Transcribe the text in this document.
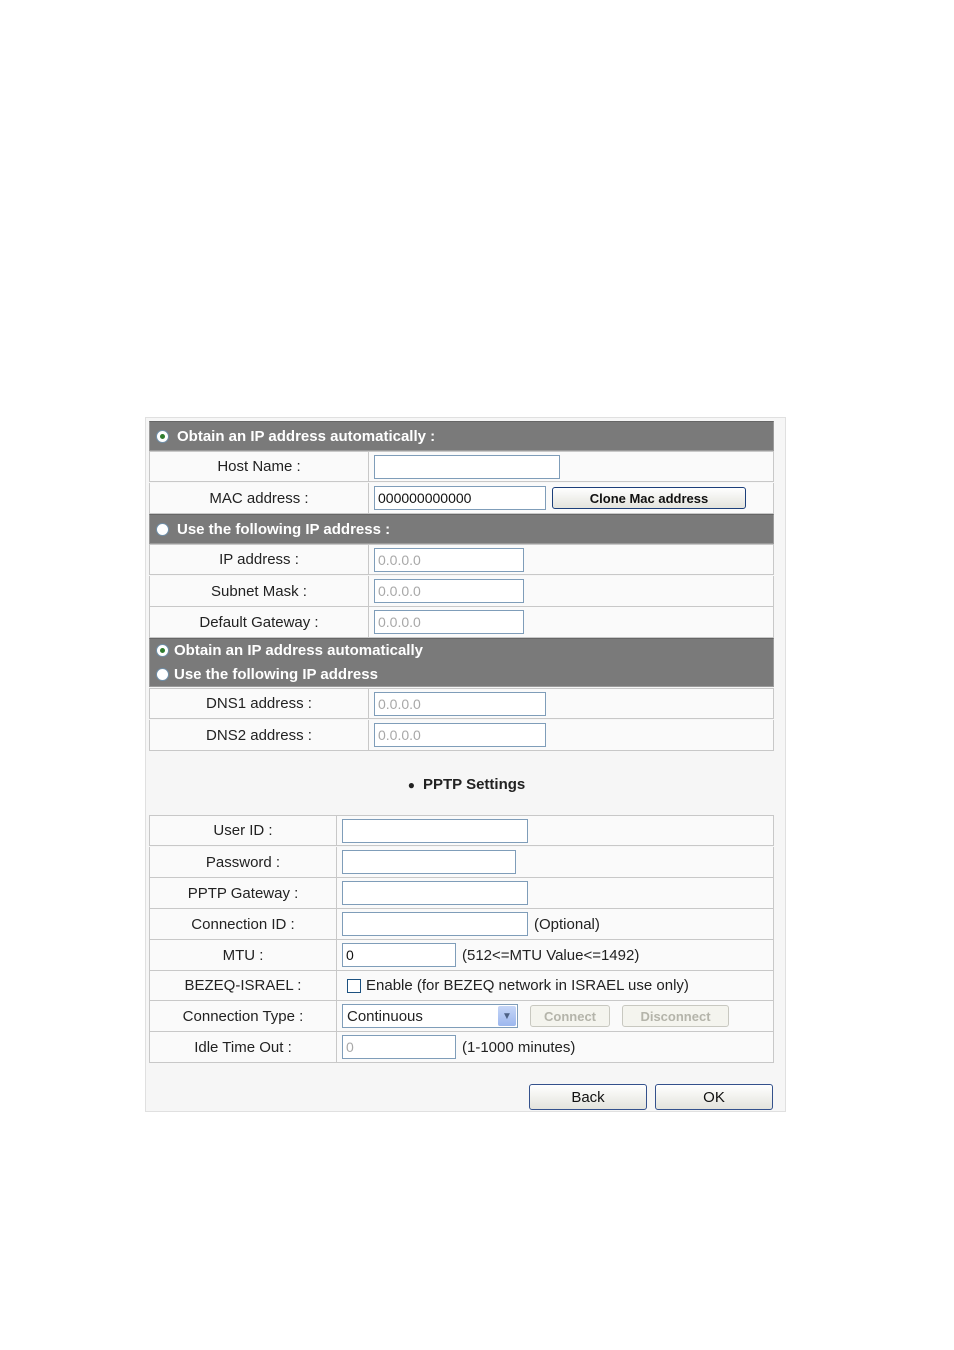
Obtain an IP address automatically :
Host Name :
MAC address :	000000000000	Clone Mac address
Use the following IP address :
IP address :	0.0.0.0
Subnet Mask :	0.0.0.0
Default Gateway :	0.0.0.0
Obtain an IP address automatically
Use the following IP address
DNS1 address :	0.0.0.0
DNS2 address :	0.0.0.0
● PPTP Settings
User ID :
Password :
PPTP Gateway :
Connection ID :	(Optional)
MTU :	0	(512<=MTU Value<=1492)
BEZEQ-ISRAEL :	Enable (for BEZEQ network in ISRAEL use only)
Connection Type :	Continuous	▼	Connect	Disconnect
Idle Time Out :	0	(1-1000 minutes)
Back	OK
